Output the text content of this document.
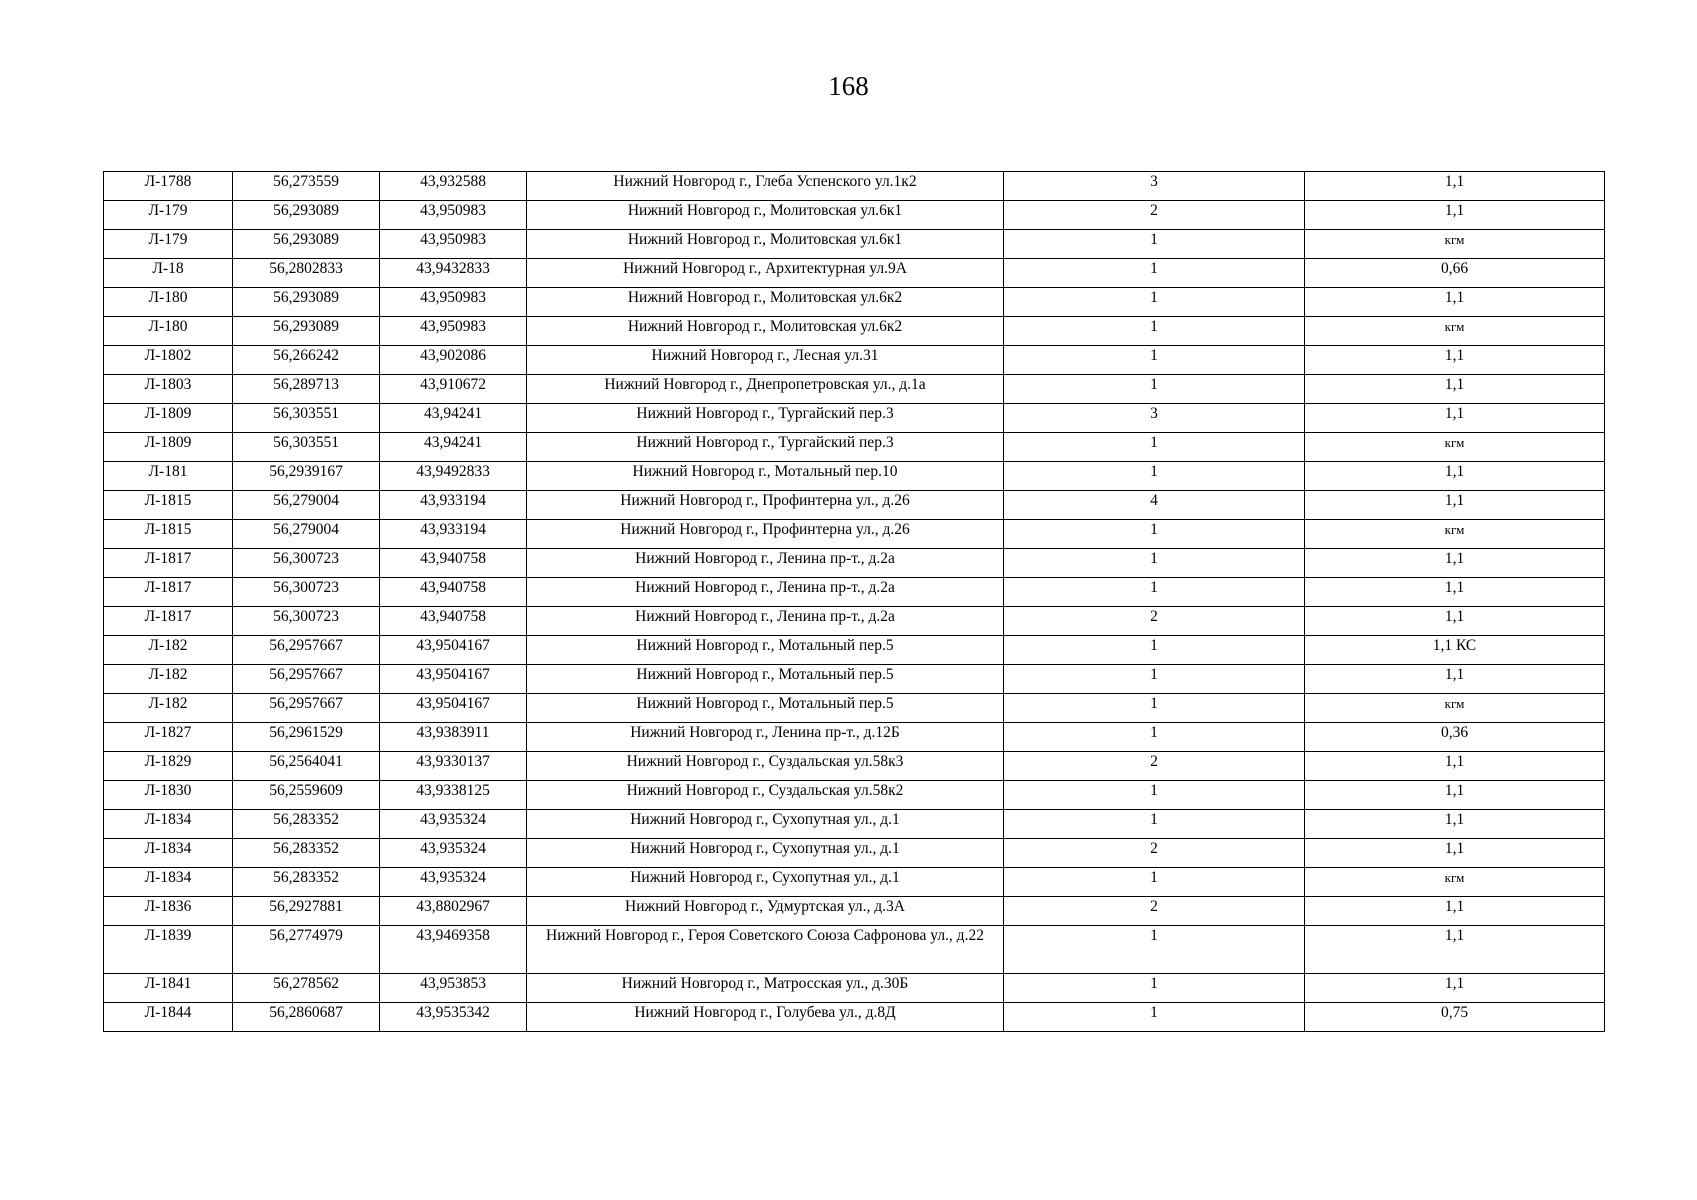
168
Л-1788	56,273559	43,932588	Нижний Новгород г., Глеба Успенского ул.1к2	3	1,1
Л-179	56,293089	43,950983	Нижний Новгород г., Молитовская ул.6к1	2	1,1
Л-179	56,293089	43,950983	Нижний Новгород г., Молитовская ул.6к1	1	кгм
Л-18	56,2802833	43,9432833	Нижний Новгород г., Архитектурная ул.9А	1	0,66
Л-180	56,293089	43,950983	Нижний Новгород г., Молитовская ул.6к2	1	1,1
Л-180	56,293089	43,950983	Нижний Новгород г., Молитовская ул.6к2	1	кгм
Л-1802	56,266242	43,902086	Нижний Новгород г., Лесная ул.31	1	1,1
Л-1803	56,289713	43,910672	Нижний Новгород г., Днепропетровская ул., д.1а	1	1,1
Л-1809	56,303551	43,94241	Нижний Новгород г., Тургайский пер.3	3	1,1
Л-1809	56,303551	43,94241	Нижний Новгород г., Тургайский пер.3	1	кгм
Л-181	56,2939167	43,9492833	Нижний Новгород г., Мотальный пер.10	1	1,1
Л-1815	56,279004	43,933194	Нижний Новгород г., Профинтерна ул., д.26	4	1,1
Л-1815	56,279004	43,933194	Нижний Новгород г., Профинтерна ул., д.26	1	кгм
Л-1817	56,300723	43,940758	Нижний Новгород г., Ленина пр-т., д.2а	1	1,1
Л-1817	56,300723	43,940758	Нижний Новгород г., Ленина пр-т., д.2а	1	1,1
Л-1817	56,300723	43,940758	Нижний Новгород г., Ленина пр-т., д.2а	2	1,1
Л-182	56,2957667	43,9504167	Нижний Новгород г., Мотальный пер.5	1	1,1 КС
Л-182	56,2957667	43,9504167	Нижний Новгород г., Мотальный пер.5	1	1,1
Л-182	56,2957667	43,9504167	Нижний Новгород г., Мотальный пер.5	1	кгм
Л-1827	56,2961529	43,9383911	Нижний Новгород г., Ленина пр-т., д.12Б	1	0,36
Л-1829	56,2564041	43,9330137	Нижний Новгород г., Суздальская ул.58к3	2	1,1
Л-1830	56,2559609	43,9338125	Нижний Новгород г., Суздальская ул.58к2	1	1,1
Л-1834	56,283352	43,935324	Нижний Новгород г., Сухопутная ул., д.1	1	1,1
Л-1834	56,283352	43,935324	Нижний Новгород г., Сухопутная ул., д.1	2	1,1
Л-1834	56,283352	43,935324	Нижний Новгород г., Сухопутная ул., д.1	1	кгм
Л-1836	56,2927881	43,8802967	Нижний Новгород г., Удмуртская ул., д.3А	2	1,1
Л-1839	56,2774979	43,9469358	Нижний Новгород г., Героя Советского Союза Сафронова ул., д.22	1	1,1
Л-1841	56,278562	43,953853	Нижний Новгород г., Матросская ул., д.30Б	1	1,1
Л-1844	56,2860687	43,9535342	Нижний Новгород г., Голубева ул., д.8Д	1	0,75
